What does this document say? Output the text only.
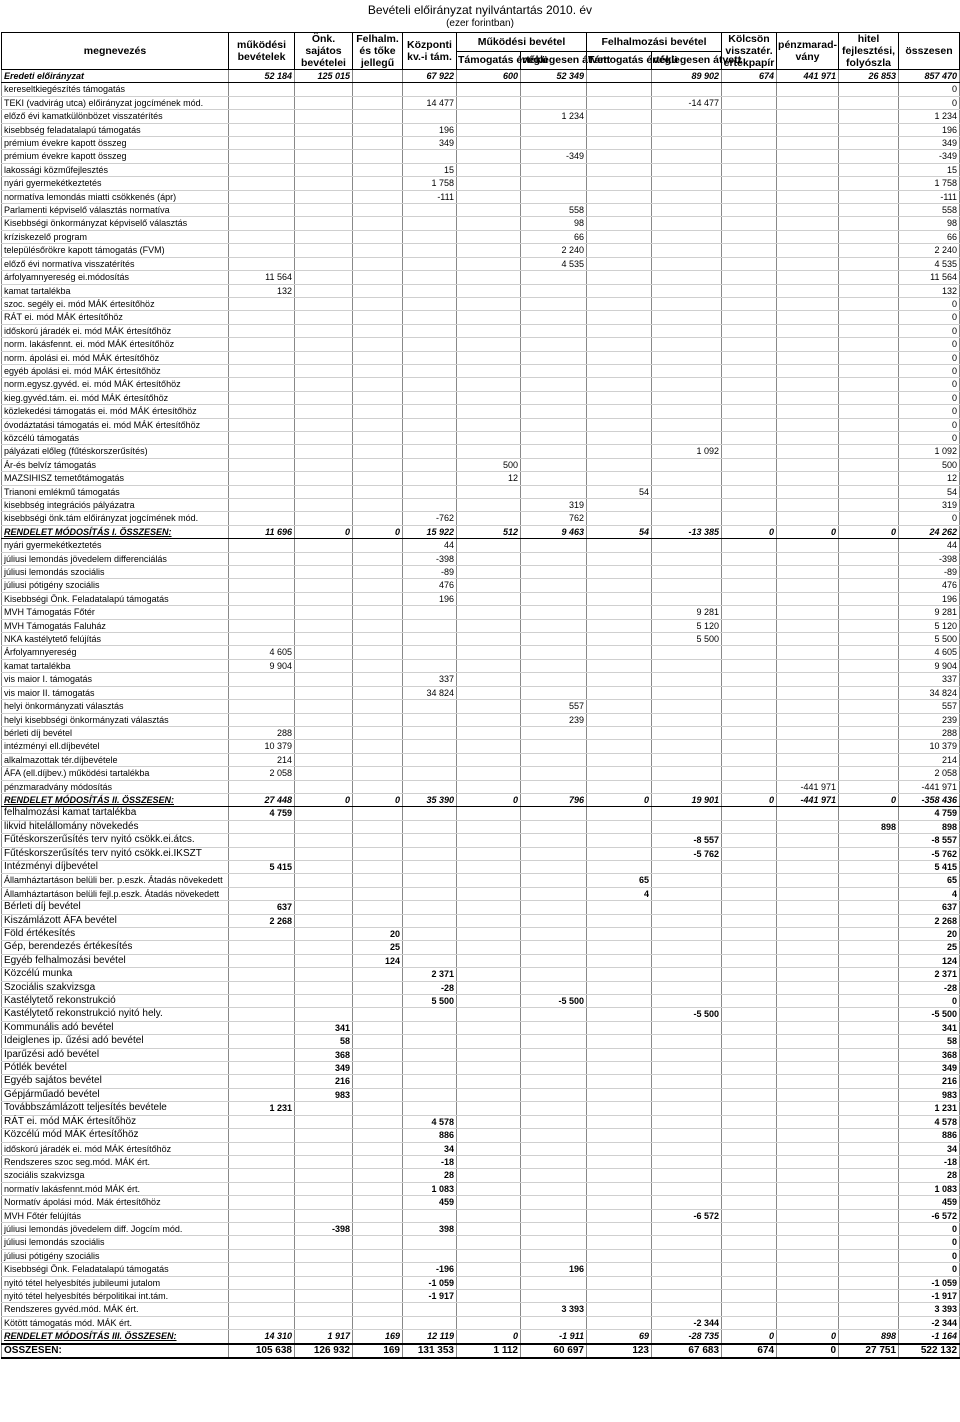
Bevételi előirányzat nyilvántartás 2010. év
(ezer forintban)
megnevezés	működési bevételek	Önk. sajátos bevételei	Felhalm. és tőke jellegű	Központi kv.-i tám.	Működési bevétel		Felhalmozási bevétel		Kölcsön visszatér. értékpapír	pénzmarad-vány	hitel fejlesztési, folyószla	összesen
					Támogatás értékü	véglegesen átvett	Támogatás értékü	véglegesen átvett				
Eredeti előirányzat	52 184	125 015		67 922	600	52 349		89 902	674	441 971	26 853	857 470
kereseltkiegészítés támogatás												0
TEKI (vadvirág utca) előirányzat jogcímének mód.				14 477				-14 477				0
előző évi kamatkülönbözet visszatérítés						1 234						1 234
kisebbség feladatalapú támogatás				196								196
prémium évekre kapott összeg				349								349
prémium évekre kapott összeg						-349						-349
lakossági közműfejlesztés				15								15
nyári gyermekétkeztetés				1 758								1 758
normatíva lemondás miatti csökkenés (ápr)				-111								-111
Parlamenti képviselő választás normatíva						558						558
Kisebbségi önkormányzat képviselő választás						98						98
kríziskezelő program						66						66
településőrökre kapott támogatás (FVM)						2 240						2 240
előző évi normatíva visszatérítés						4 535						4 535
árfolyamnyereség ei.módosítás	11 564											11 564
kamat tartalékba	132											132
szoc. segély ei. mód MÁK értesítőhöz												0
RÁT ei. mód MÁK értesítőhöz												0
időskorú járadék ei. mód MÁK értesítőhöz												0
norm. lakásfennt. ei. mód MÁK értesítőhöz												0
norm. ápolási ei. mód MÁK értesítőhöz												0
egyéb ápolási ei. mód MÁK értesítőhöz												0
norm.egysz.gyvéd. ei. mód MÁK értesítőhöz												0
kieg.gyvéd.tám. ei. mód MÁK értesítőhöz												0
közlekedési támogatás ei. mód MÁK értesítőhöz												0
óvodáztatási támogatás ei. mód MÁK értesítőhöz												0
közcélú támogatás												0
pályázati előleg (fűtéskorszerűsítés)								1 092				1 092
Ár-és belvíz támogatás					500							500
MAZSIHISZ temetőtámogatás					12							12
Trianoni emlékmű támogatás							54					54
kisebbség integrációs pályázatra						319						319
kisebbségi önk.tám előirányzat jogcímének mód.				-762		762						0
RENDELET MÓDOSÍTÁS I. ÖSSZESEN:	11 696	0	0	15 922	512	9 463	54	-13 385	0	0	0	24 262
nyári gyermekétkeztetés				44								44
júliusi lemondás jövedelem differenciálás				-398								-398
júliusi lemondás szociális				-89								-89
júliusi pótigény szociális				476								476
Kisebbségi Önk. Feladatalapú támogatás				196								196
MVH Támogatás Főtér								9 281				9 281
MVH Támogatás Faluház								5 120				5 120
NKA kastélytető felújítás								5 500				5 500
Árfolyamnyereség	4 605											4 605
kamat tartalékba	9 904											9 904
vis maior I. támogatás				337								337
vis maior II. támogatás				34 824								34 824
helyi önkormányzati választás						557						557
helyi kisebbségi önkormányzati választás						239						239
bérleti díj bevétel	288											288
intézményi ell.díjbevétel	10 379											10 379
alkalmazottak tér.díjbevétele	214											214
ÁFA (ell.díjbev.) működési tartalékba	2 058											2 058
pénzmaradvány módosítás										-441 971		-441 971
RENDELET MÓDOSÍTÁS II. ÖSSZESEN:	27 448	0	0	35 390	0	796	0	19 901	0	-441 971	0	-358 436
felhalmozási kamat tartalékba	4 759											4 759
likvid hitelállomány növekedés											898	898
Fűtéskorszerűsítés terv nyitó csökk.ei.átcs.								-8 557				-8 557
Fűtéskorszerűsítés terv nyitó csökk.ei.IKSZT								-5 762				-5 762
Intézményi díjbevétel	5 415											5 415
Államháztartáson belüli ber. p.eszk. Átadás növekedett							65					65
Államháztartáson belüli fejl.p.eszk. Átadás növekedett							4					4
Bérleti díj bevétel	637											637
Kiszámlázott ÁFA bevétel	2 268											2 268
Föld értékesítés			20									20
Gép, berendezés értékesítés			25									25
Egyéb felhalmozási bevétel			124									124
Közcélú munka				2 371								2 371
Szociális szakvizsga				-28								-28
Kastélytető rekonstrukció				5 500		-5 500						0
Kastélytető rekonstrukció nyitó hely.								-5 500				-5 500
Kommunális adó bevétel		341										341
Ideiglenes ip. űzési adó bevétel		58										58
Iparűzési adó bevétel		368										368
Pótlék bevétel		349										349
Egyéb sajátos bevétel		216										216
Gépjárműadó bevétel		983										983
Továbbszámlázott teljesítés bevétele	1 231											1 231
RÁT ei. mód MÁK értesítőhöz				4 578								4 578
Közcélú mód MÁK értesítőhöz				886								886
időskorú járadék ei. mód MÁK értesítőhöz				34								34
Rendszeres szoc seg.mód. MÁK ért.				-18								-18
szociális szakvizsga				28								28
normatív lakásfennt.mód MÁK ért.				1 083								1 083
Normatív ápolási mód. Mák értesítőhöz				459								459
MVH Főtér felújítás								-6 572				-6 572
júliusi lemondás jövedelem diff. Jogcím mód.		-398		398								0
júliusi lemondás szociális												0
júliusi pótigény szociális												0
Kisebbségi Önk. Feladatalapú támogatás				-196		196						0
nyitó tétel helyesbítés jubileumi jutalom				-1 059								-1 059
nyitó tétel helyesbítés bérpolitikai int.tám.				-1 917								-1 917
Rendszeres gyvéd.mód. MÁK ért.						3 393						3 393
Kötött támogatás mód. MÁK ért.								-2 344				-2 344
RENDELET MÓDOSÍTÁS III. ÖSSZESEN:	14 310	1 917	169	12 119	0	-1 911	69	-28 735	0	0	898	-1 164
ÖSSZESEN:	105 638	126 932	169	131 353	1 112	60 697	123	67 683	674	0	27 751	522 132
